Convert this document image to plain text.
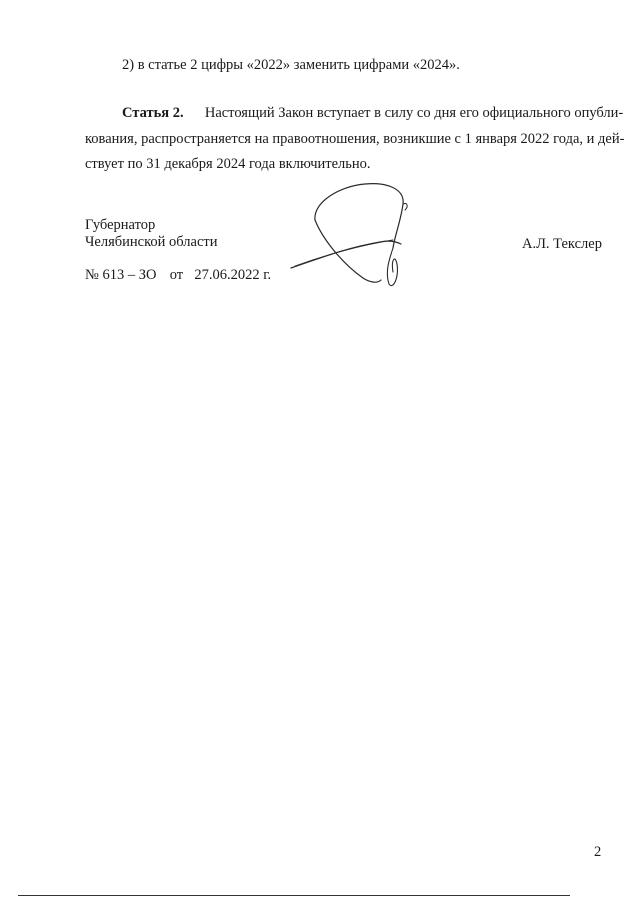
2) в статье 2 цифры «2022» заменить цифрами «2024».
Статья 2. Настоящий Закон вступает в силу со дня его официального опубли-
кования, распространяется на правоотношения, возникшие с 1 января 2022 года, и дей-
ствует по 31 декабря 2024 года включительно.
Губернатор
Челябинской области	А.Л. Текслер
№ 613 – ЗО от 27.06.2022 г.
2
